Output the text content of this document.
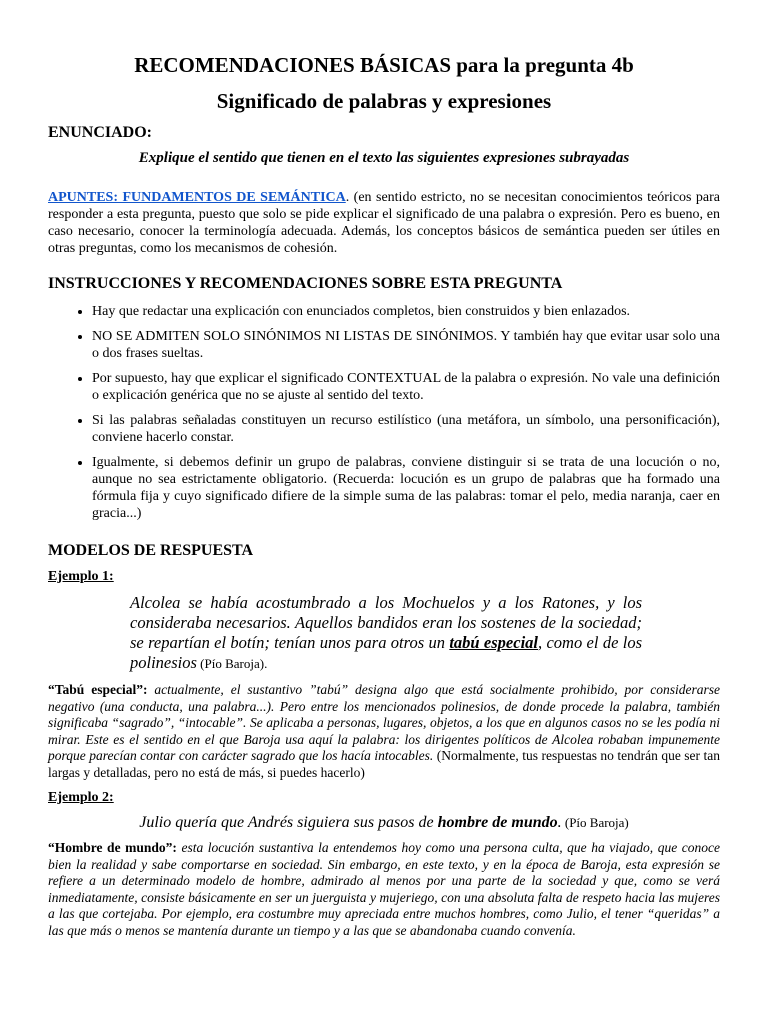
RECOMENDACIONES BÁSICAS para la pregunta 4b
Significado de palabras y expresiones

ENUNCIADO:

Explique el sentido que tienen en el texto las siguientes expresiones subrayadas

APUNTES: FUNDAMENTOS DE SEMÁNTICA. (en sentido estricto, no se necesitan conocimientos teóricos para responder a esta pregunta, puesto que solo se pide explicar el significado de una palabra o expresión. Pero es bueno, en caso necesario, conocer la terminología adecuada. Además, los conceptos básicos de semántica pueden ser útiles en otras preguntas, como los mecanismos de cohesión.

INSTRUCCIONES Y RECOMENDACIONES SOBRE ESTA PREGUNTA

• Hay que redactar una explicación con enunciados completos, bien construidos y bien enlazados.
• NO SE ADMITEN SOLO SINÓNIMOS NI LISTAS DE SINÓNIMOS. Y también hay que evitar usar solo una o dos frases sueltas.
• Por supuesto, hay que explicar el significado CONTEXTUAL de la palabra o expresión. No vale una definición o explicación genérica que no se ajuste al sentido del texto.
• Si las palabras señaladas constituyen un recurso estilístico (una metáfora, un símbolo, una personificación), conviene hacerlo constar.
• Igualmente, si debemos definir un grupo de palabras, conviene distinguir si se trata de una locución o no, aunque no sea estrictamente obligatorio. (Recuerda: locución es un grupo de palabras que ha formado una fórmula fija y cuyo significado difiere de la simple suma de las palabras: tomar el pelo, media naranja, caer en gracia...)

MODELOS DE RESPUESTA

Ejemplo 1:

Alcolea se había acostumbrado a los Mochuelos y a los Ratones, y los consideraba necesarios. Aquellos bandidos eran los sostenes de la sociedad; se repartían el botín; tenían unos para otros un tabú especial, como el de los polinesios (Pío Baroja).

“Tabú especial”: actualmente, el sustantivo ”tabú” designa algo que está socialmente prohibido, por considerarse negativo (una conducta, una palabra...). Pero entre los mencionados polinesios, de donde procede la palabra, también significaba “sagrado”, “intocable”. Se aplicaba a personas, lugares, objetos, a los que en algunos casos no se les podía ni mirar. Este es el sentido en el que Baroja usa aquí la palabra: los dirigentes políticos de Alcolea robaban impunemente porque parecían contar con carácter sagrado que los hacía intocables. (Normalmente, tus respuestas no tendrán que ser tan largas y detalladas, pero no está de más, si puedes hacerlo)

Ejemplo 2:

Julio quería que Andrés siguiera sus pasos de hombre de mundo. (Pío Baroja)

“Hombre de mundo”: esta locución sustantiva la entendemos hoy como una persona culta, que ha viajado, que conoce bien la realidad y sabe comportarse en sociedad. Sin embargo, en este texto, y en la época de Baroja, esta expresión se refiere a un determinado modelo de hombre, admirado al menos por una parte de la sociedad y que, como se verá inmediatamente, consiste básicamente en ser un juerguista y mujeriego, con una absoluta falta de respeto hacia las mujeres a las que cortejaba. Por ejemplo, era costumbre muy apreciada entre muchos hombres, como Julio, el tener “queridas” a las que más o menos se mantenía durante un tiempo y a las que se abandonaba cuando convenía.
